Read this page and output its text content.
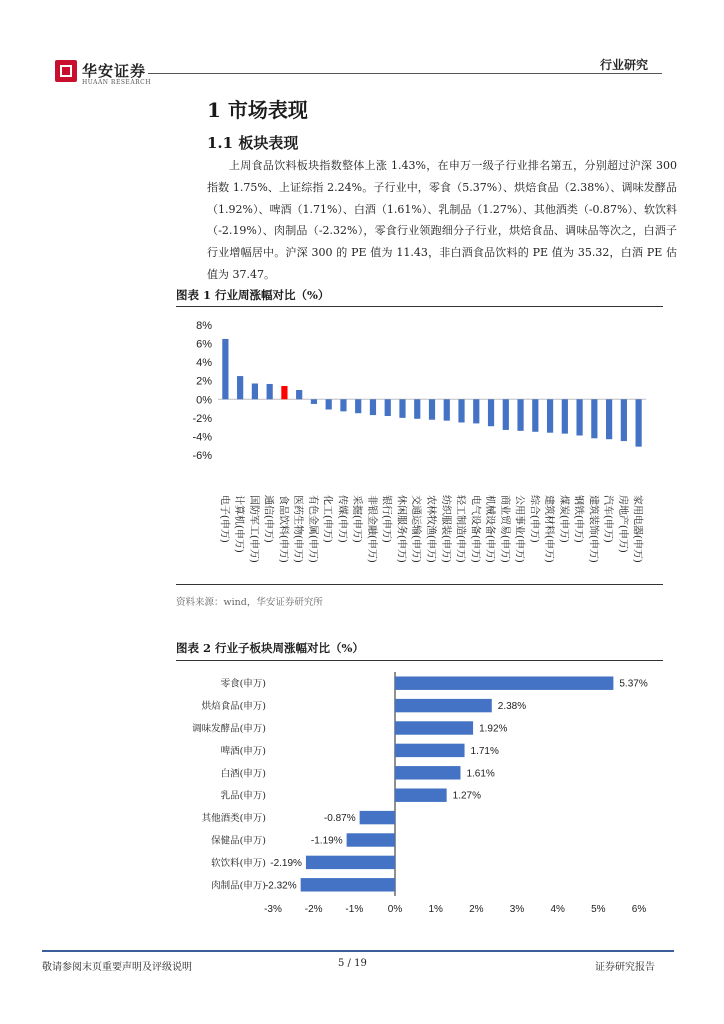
华安证券
HUAAN RESEARCH
行业研究
1 市场表现
1.1 板块表现
上周食品饮料板块指数整体上涨 1.43%，在申万一级子行业排名第五，分别超过沪深 300 指数 1.75%、上证综指 2.24%。子行业中，零食（5.37%）、烘焙食品（2.38%）、调味发酵品（1.92%）、啤酒（1.71%）、白酒（1.61%）、乳制品（1.27%）、其他酒类（-0.87%）、软饮料（-2.19%）、肉制品（-2.32%），零食行业领跑细分子行业，烘焙食品、调味品等次之，白酒子行业增幅居中。沪深 300 的 PE 值为 11.43，非白酒食品饮料的 PE 值为 35.32，白酒 PE 估值为 37.47。
图表 1 行业周涨幅对比（%）
8%
6%
4%
2%
0%
-2%
-4%
-6%
电子(申万) 计算机(申万) 国防军工(申万) 通信(申万) 食品饮料(申万) 医药生物(申万) 有色金属(申万) 化工(申万) 传媒(申万) 采掘(申万) 非银金融(申万) 银行(申万) 休闲服务(申万) 交通运输(申万) 农林牧渔(申万) 纺织服装(申万) 轻工制造(申万) 电气设备(申万) 机械设备(申万) 商业贸易(申万) 公用事业(申万) 综合(申万) 建筑材料(申万) 煤炭(申万) 钢铁(申万) 建筑装饰(申万) 汽车(申万) 房地产(申万) 家用电器(申万)
资料来源：wind，华安证券研究所
图表 2 行业子板块周涨幅对比（%）
零食(申万)	5.37%
烘焙食品(申万)	2.38%
调味发酵品(申万)	1.92%
啤酒(申万)	1.71%
白酒(申万)	1.61%
乳品(申万)	1.27%
其他酒类(申万)	-0.87%
保健品(申万)	-1.19%
软饮料(申万) -2.19%
肉制品(申万)
-2.32%
-3% -2% -1% 0%	1%	2%	3%	4%	5%	6%
敬请参阅末页重要声明及评级说明	5 / 19	证券研究报告
